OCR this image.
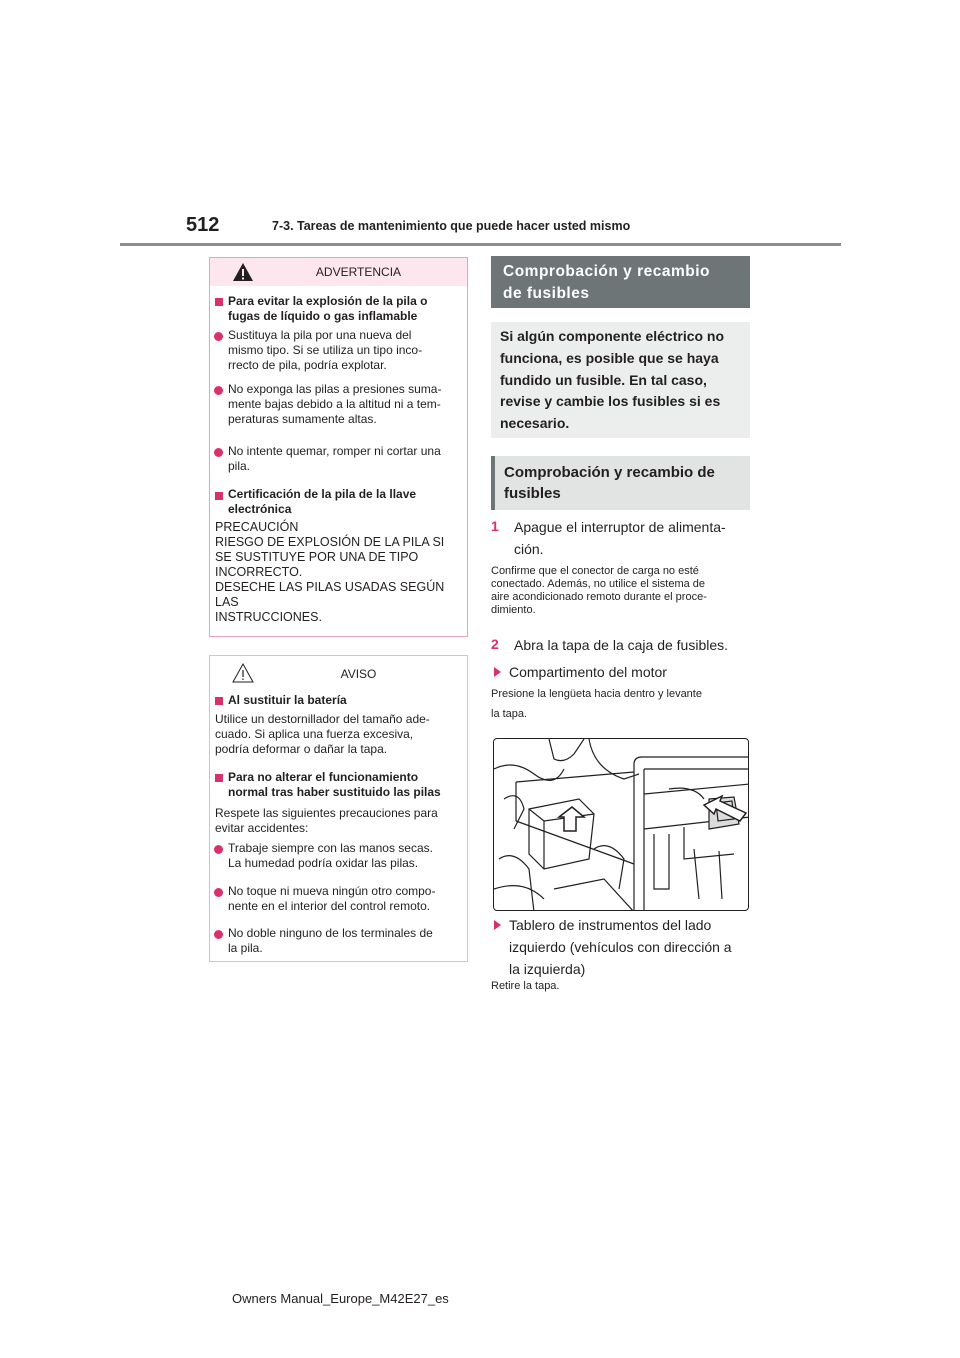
512	7-3. Tareas de mantenimiento que puede hacer usted mismo
ADVERTENCIA
Para evitar la explosión de la pila o
fugas de líquido o gas inflamable
Sustituya la pila por una nueva del
mismo tipo. Si se utiliza un tipo inco-
rrecto de pila, podría explotar.
No exponga las pilas a presiones suma-
mente bajas debido a la altitud ni a tem-
peraturas sumamente altas.
No intente quemar, romper ni cortar una
pila.
Certificación de la pila de la llave
electrónica
PRECAUCIÓN
RIESGO DE EXPLOSIÓN DE LA PILA SI
SE SUSTITUYE POR UNA DE TIPO
INCORRECTO.
DESECHE LAS PILAS USADAS SEGÚN
LAS
INSTRUCCIONES.
AVISO
Al sustituir la batería
Utilice un destornillador del tamaño ade-
cuado. Si aplica una fuerza excesiva,
podría deformar o dañar la tapa.
Para no alterar el funcionamiento
normal tras haber sustituido las pilas
Respete las siguientes precauciones para
evitar accidentes:
Trabaje siempre con las manos secas.
La humedad podría oxidar las pilas.
No toque ni mueva ningún otro compo-
nente en el interior del control remoto.
No doble ninguno de los terminales de
la pila.
Comprobación y recambio
de fusibles
Si algún componente eléctrico no
funciona, es posible que se haya
fundido un fusible. En tal caso,
revise y cambie los fusibles si es
necesario.
Comprobación y recambio de
fusibles
1 Apague el interruptor de alimenta-
ción.
Confirme que el conector de carga no esté
conectado. Además, no utilice el sistema de
aire acondicionado remoto durante el proce-
dimiento.
2 Abra la tapa de la caja de fusibles.
Compartimento del motor
Presione la lengüeta hacia dentro y levante
la tapa.
Tablero de instrumentos del lado
izquierdo (vehículos con dirección a
la izquierda)
Retire la tapa.
Owners Manual_Europe_M42E27_es
